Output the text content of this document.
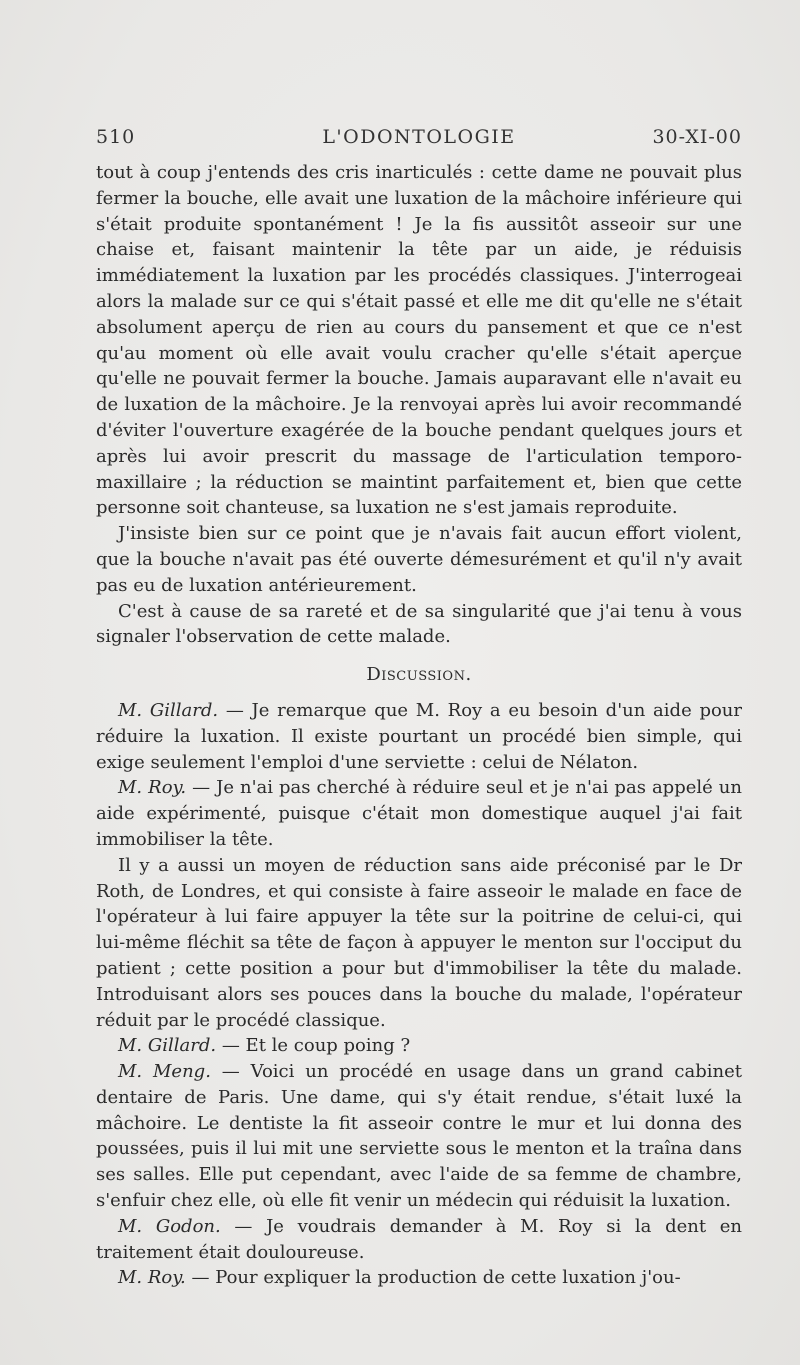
510	L'ODONTOLOGIE	30-XI-00

tout à coup j'entends des cris inarticulés : cette dame ne pouvait plus fermer la bouche, elle avait une luxation de la mâchoire inférieure qui s'était produite spontanément ! Je la fis aussitôt asseoir sur une chaise et, faisant maintenir la tête par un aide, je réduisis immédiatement la luxation par les procédés classiques. J'interrogeai alors la malade sur ce qui s'était passé et elle me dit qu'elle ne s'était absolument aperçu de rien au cours du pansement et que ce n'est qu'au moment où elle avait voulu cracher qu'elle s'était aperçue qu'elle ne pouvait fermer la bouche. Jamais auparavant elle n'avait eu de luxation de la mâchoire. Je la renvoyai après lui avoir recommandé d'éviter l'ouverture exagérée de la bouche pendant quelques jours et après lui avoir prescrit du massage de l'articulation temporo-maxillaire ; la réduction se maintint parfaitement et, bien que cette personne soit chanteuse, sa luxation ne s'est jamais reproduite.

J'insiste bien sur ce point que je n'avais fait aucun effort violent, que la bouche n'avait pas été ouverte démesurément et qu'il n'y avait pas eu de luxation antérieurement.

C'est à cause de sa rareté et de sa singularité que j'ai tenu à vous signaler l'observation de cette malade.

Discussion.

M. Gillard. — Je remarque que M. Roy a eu besoin d'un aide pour réduire la luxation. Il existe pourtant un procédé bien simple, qui exige seulement l'emploi d'une serviette : celui de Nélaton.

M. Roy. — Je n'ai pas cherché à réduire seul et je n'ai pas appelé un aide expérimenté, puisque c'était mon domestique auquel j'ai fait immobiliser la tête.

Il y a aussi un moyen de réduction sans aide préconisé par le Dr Roth, de Londres, et qui consiste à faire asseoir le malade en face de l'opérateur à lui faire appuyer la tête sur la poitrine de celui-ci, qui lui-même fléchit sa tête de façon à appuyer le menton sur l'occiput du patient ; cette position a pour but d'immobiliser la tête du malade. Introduisant alors ses pouces dans la bouche du malade, l'opérateur réduit par le procédé classique.

M. Gillard. — Et le coup poing ?

M. Meng. — Voici un procédé en usage dans un grand cabinet dentaire de Paris. Une dame, qui s'y était rendue, s'était luxé la mâchoire. Le dentiste la fit asseoir contre le mur et lui donna des poussées, puis il lui mit une serviette sous le menton et la traîna dans ses salles. Elle put cependant, avec l'aide de sa femme de chambre, s'enfuir chez elle, où elle fit venir un médecin qui réduisit la luxation.

M. Godon. — Je voudrais demander à M. Roy si la dent en traitement était douloureuse.

M. Roy. — Pour expliquer la production de cette luxation j'ou-
